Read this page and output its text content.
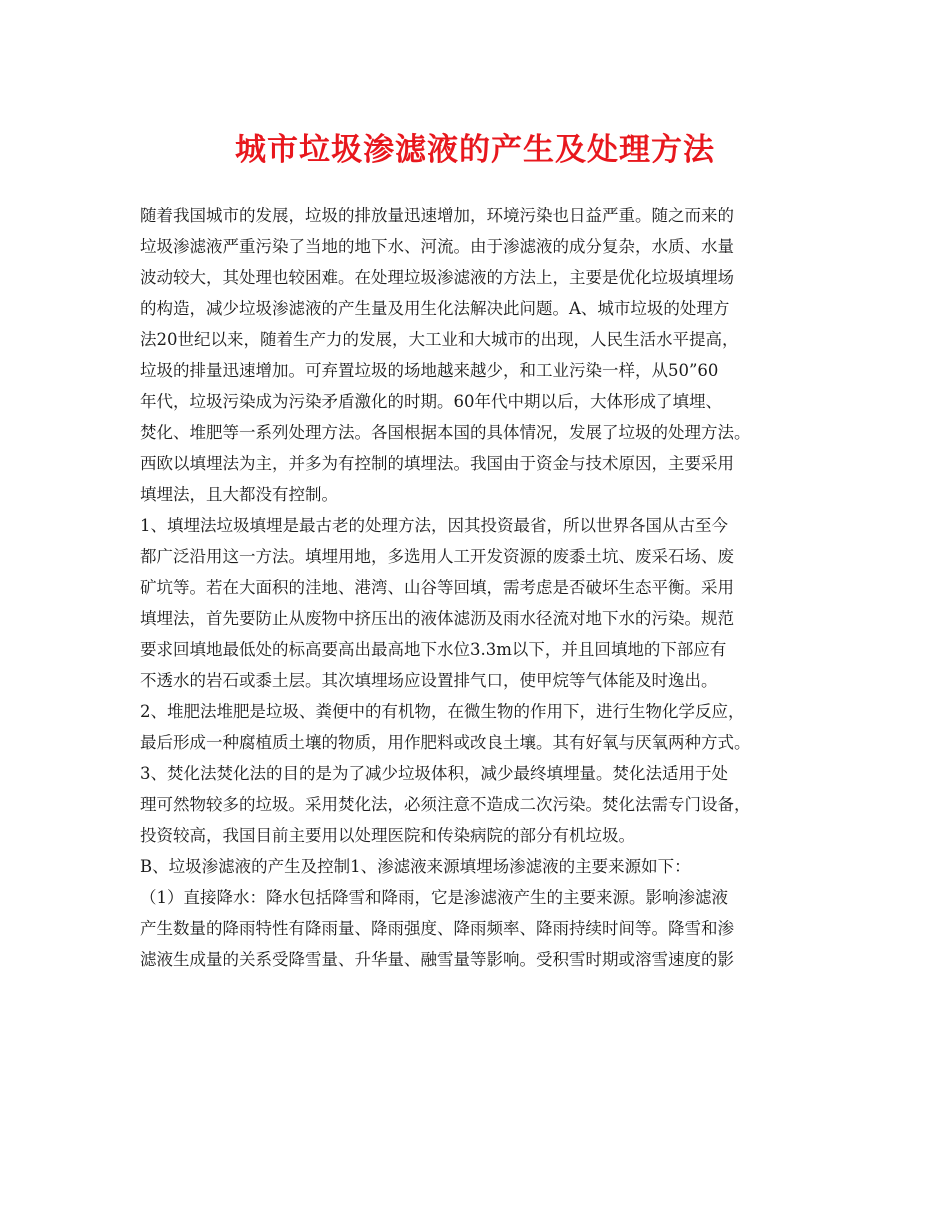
城市垃圾渗滤液的产生及处理方法
随着我国城市的发展，垃圾的排放量迅速增加，环境污染也日益严重。随之而来的
垃圾渗滤液严重污染了当地的地下水、河流。由于渗滤液的成分复杂，水质、水量
波动较大，其处理也较困难。在处理垃圾渗滤液的方法上，主要是优化垃圾填埋场
的构造，减少垃圾渗滤液的产生量及用生化法解决此问题。A、城市垃圾的处理方
法20世纪以来，随着生产力的发展，大工业和大城市的出现，人民生活水平提高，
垃圾的排量迅速增加。可弃置垃圾的场地越来越少，和工业污染一样，从50”60
年代，垃圾污染成为污染矛盾激化的时期。60年代中期以后，大体形成了填埋、
焚化、堆肥等一系列处理方法。各国根据本国的具体情况，发展了垃圾的处理方法。
西欧以填埋法为主，并多为有控制的填埋法。我国由于资金与技术原因，主要采用
填埋法，且大都没有控制。
1、填埋法垃圾填埋是最古老的处理方法，因其投资最省，所以世界各国从古至今
都广泛沿用这一方法。填埋用地，多选用人工开发资源的废黍土坑、废采石场、废
矿坑等。若在大面积的洼地、港湾、山谷等回填，需考虑是否破坏生态平衡。采用
填埋法，首先要防止从废物中挤压出的液体滤沥及雨水径流对地下水的污染。规范
要求回填地最低处的标高要高出最高地下水位3.3m以下，并且回填地的下部应有
不透水的岩石或黍土层。其次填埋场应设置排气口，使甲烷等气体能及时逸出。
2、堆肥法堆肥是垃圾、粪便中的有机物，在微生物的作用下，进行生物化学反应，
最后形成一种腐植质土壤的物质，用作肥料或改良土壤。其有好氧与厌氧两种方式。
3、焚化法焚化法的目的是为了减少垃圾体积，减少最终填埋量。焚化法适用于处
理可然物较多的垃圾。采用焚化法，必须注意不造成二次污染。焚化法需专门设备，
投资较高，我国目前主要用以处理医院和传染病院的部分有机垃圾。
B、垃圾渗滤液的产生及控制1、渗滤液来源填埋场渗滤液的主要来源如下：
（1）直接降水：降水包括降雪和降雨，它是渗滤液产生的主要来源。影响渗滤液
产生数量的降雨特性有降雨量、降雨强度、降雨频率、降雨持续时间等。降雪和渗
滤液生成量的关系受降雪量、升华量、融雪量等影响。受积雪时期或溶雪速度的影
